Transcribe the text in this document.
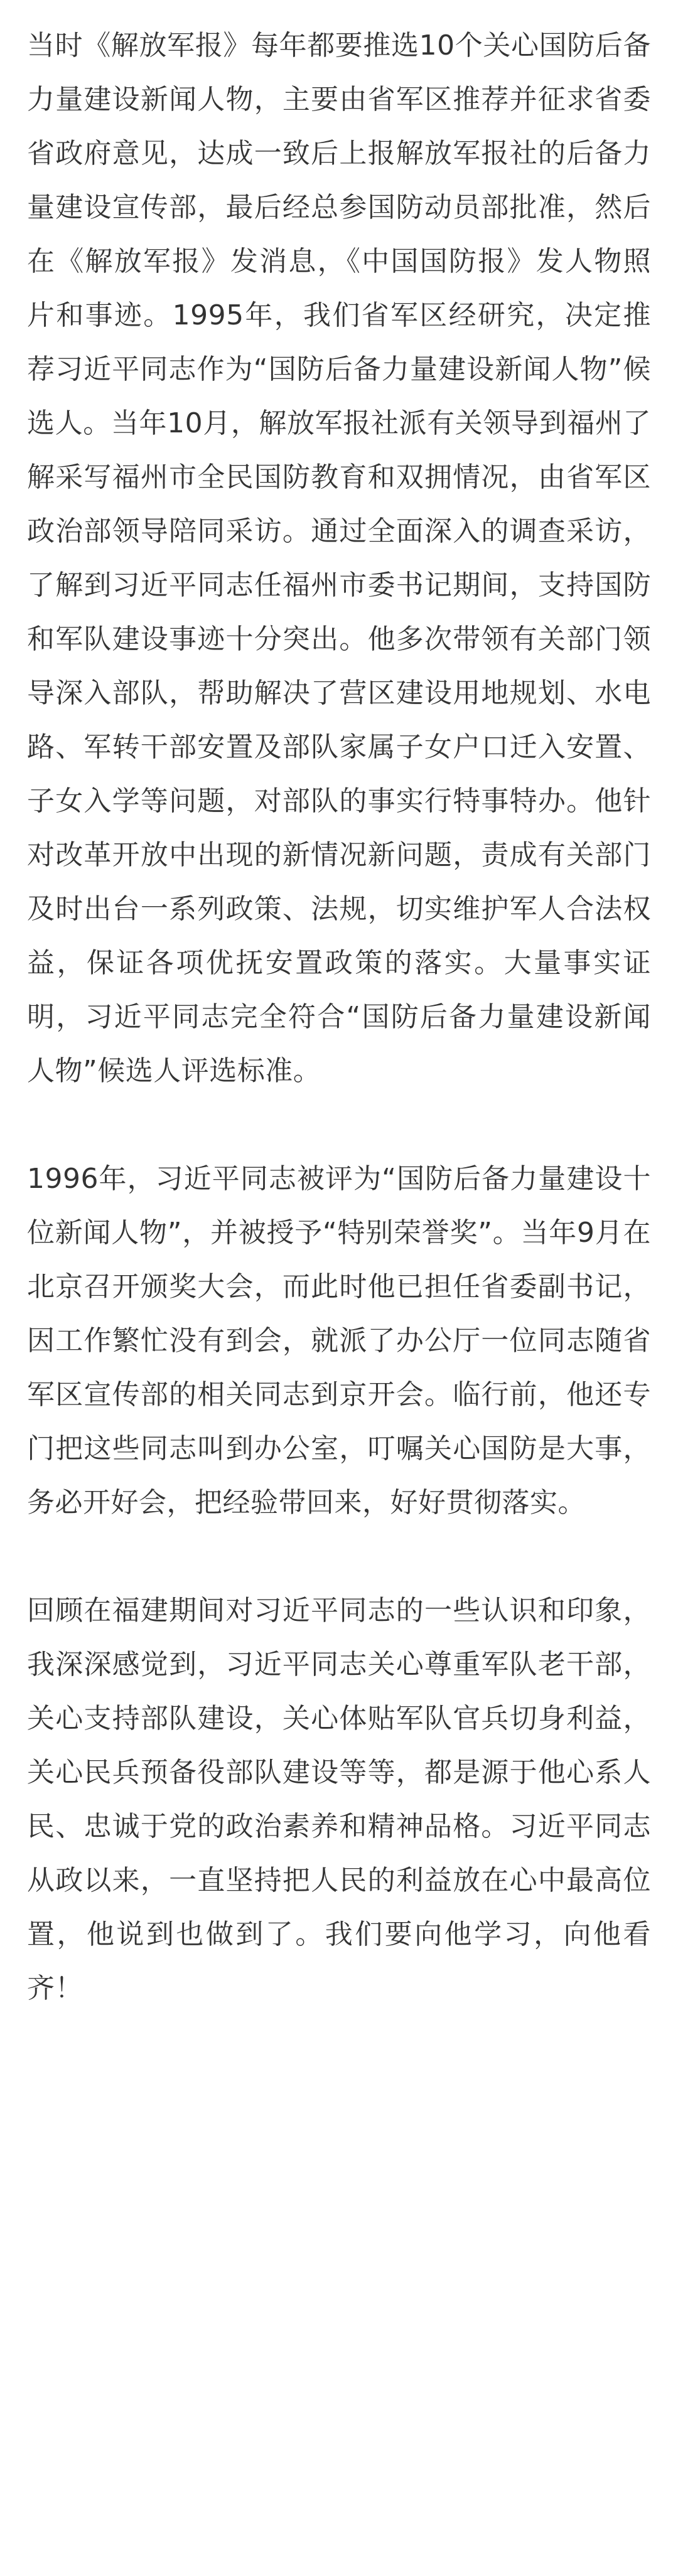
当时《解放军报》每年都要推选10个关心国防后备力量建设新闻人物，主要由省军区推荐并征求省委省政府意见，达成一致后上报解放军报社的后备力量建设宣传部，最后经总参国防动员部批准，然后在《解放军报》发消息，《中国国防报》发人物照片和事迹。1995年，我们省军区经研究，决定推荐习近平同志作为“国防后备力量建设新闻人物”候选人。当年10月，解放军报社派有关领导到福州了解采写福州市全民国防教育和双拥情况，由省军区政治部领导陪同采访。通过全面深入的调查采访，了解到习近平同志任福州市委书记期间，支持国防和军队建设事迹十分突出。他多次带领有关部门领导深入部队，帮助解决了营区建设用地规划、水电路、军转干部安置及部队家属子女户口迁入安置、子女入学等问题，对部队的事实行特事特办。他针对改革开放中出现的新情况新问题，责成有关部门及时出台一系列政策、法规，切实维护军人合法权益，保证各项优抚安置政策的落实。大量事实证明，习近平同志完全符合“国防后备力量建设新闻人物”候选人评选标准。

1996年，习近平同志被评为“国防后备力量建设十位新闻人物”，并被授予“特别荣誉奖”。当年9月在北京召开颁奖大会，而此时他已担任省委副书记，因工作繁忙没有到会，就派了办公厅一位同志随省军区宣传部的相关同志到京开会。临行前，他还专门把这些同志叫到办公室，叮嘱关心国防是大事，务必开好会，把经验带回来，好好贯彻落实。

回顾在福建期间对习近平同志的一些认识和印象，我深深感觉到，习近平同志关心尊重军队老干部，关心支持部队建设，关心体贴军队官兵切身利益，关心民兵预备役部队建设等等，都是源于他心系人民、忠诚于党的政治素养和精神品格。习近平同志从政以来，一直坚持把人民的利益放在心中最高位置，他说到也做到了。我们要向他学习，向他看齐！
